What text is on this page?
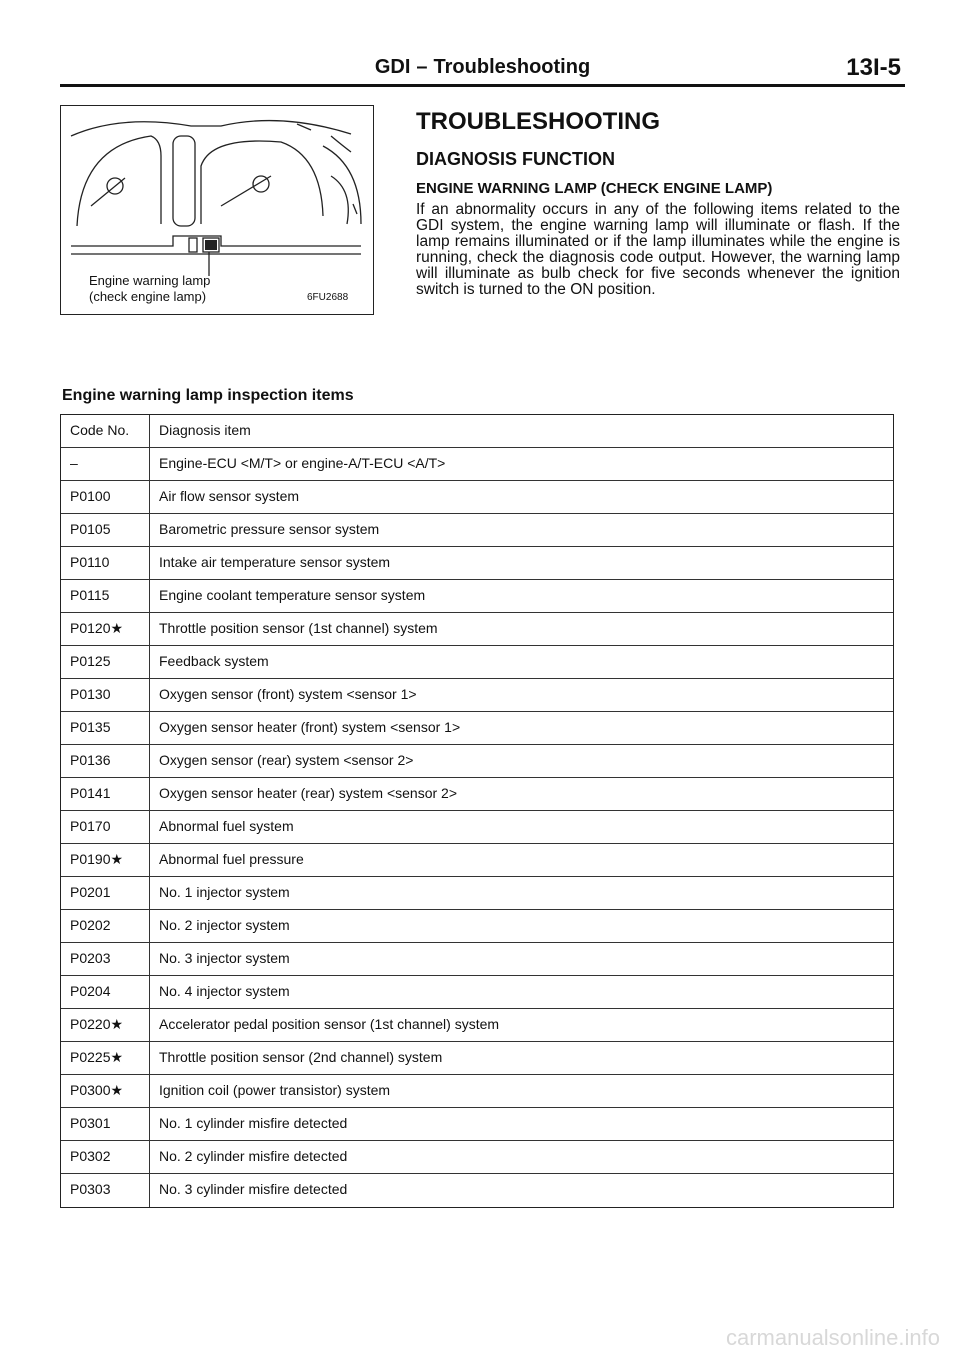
GDI – Troubleshooting	13I-5
Engine warning lamp
(check engine lamp)	6FU2688
TROUBLESHOOTING
DIAGNOSIS FUNCTION
ENGINE WARNING LAMP (CHECK ENGINE LAMP)

If an abnormality occurs in any of the following items related to the GDI system, the engine warning lamp will illuminate or flash. If the lamp remains illuminated or if the lamp illuminates while the engine is running, check the diagnosis code output. However, the warning lamp will illuminate as bulb check for five seconds whenever the ignition switch is turned to the ON position.

Engine warning lamp inspection items
Code No.	Diagnosis item
–	Engine-ECU <M/T> or engine-A/T-ECU <A/T>
P0100	Air flow sensor system
P0105	Barometric pressure sensor system
P0110	Intake air temperature sensor system
P0115	Engine coolant temperature sensor system
P0120★	Throttle position sensor (1st channel) system
P0125	Feedback system
P0130	Oxygen sensor (front) system <sensor 1>
P0135	Oxygen sensor heater (front) system <sensor 1>
P0136	Oxygen sensor (rear) system <sensor 2>
P0141	Oxygen sensor heater (rear) system <sensor 2>
P0170	Abnormal fuel system
P0190★	Abnormal fuel pressure
P0201	No. 1 injector system
P0202	No. 2 injector system
P0203	No. 3 injector system
P0204	No. 4 injector system
P0220★	Accelerator pedal position sensor (1st channel) system
P0225★	Throttle position sensor (2nd channel) system
P0300★	Ignition coil (power transistor) system
P0301	No. 1 cylinder misfire detected
P0302	No. 2 cylinder misfire detected
P0303	No. 3 cylinder misfire detected
carmanualsonline.info
